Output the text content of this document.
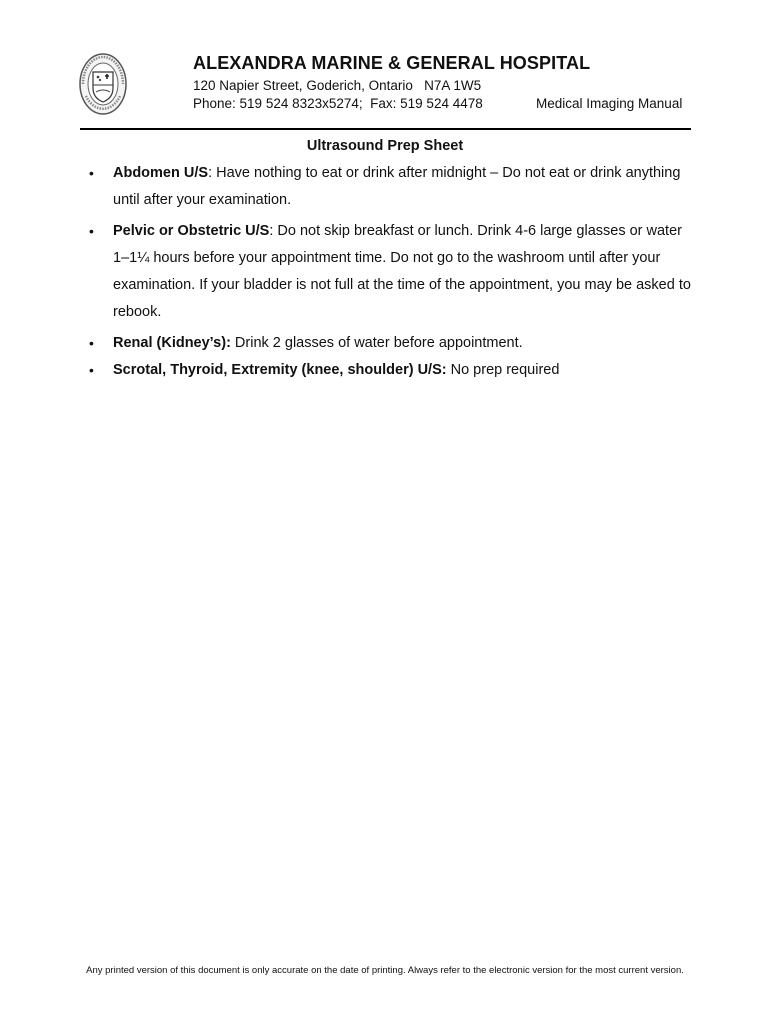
ALEXANDRA MARINE & GENERAL HOSPITAL
120 Napier Street, Goderich, Ontario   N7A 1W5
Phone: 519 524 8323x5274;  Fax: 519 524 4478	Medical Imaging Manual
Ultrasound Prep Sheet
• Abdomen U/S: Have nothing to eat or drink after midnight – Do not eat or drink anything until after your examination.
• Pelvic or Obstetric U/S: Do not skip breakfast or lunch. Drink 4-6 large glasses or water 1–1¼ hours before your appointment time. Do not go to the washroom until after your examination. If your bladder is not full at the time of the appointment, you may be asked to rebook.
• Renal (Kidney’s): Drink 2 glasses of water before appointment.
• Scrotal, Thyroid, Extremity (knee, shoulder) U/S: No prep required
Any printed version of this document is only accurate on the date of printing. Always refer to the electronic version for the most current version.
